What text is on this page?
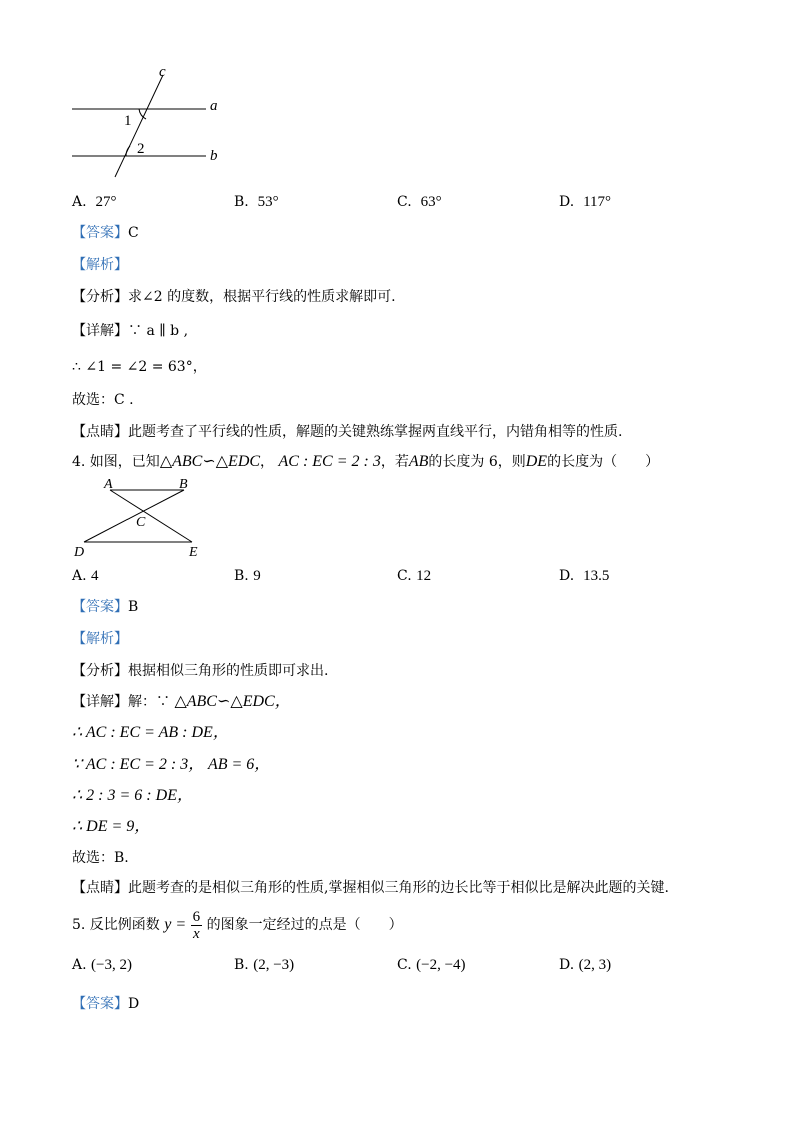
c
a
b
1
2
A. 27°	B. 53°	C. 63°	D. 117°
【答案】C
【解析】
【分析】求∠2 的度数，根据平行线的性质求解即可.
【详解】∵ a ∥ b ,
∴ ∠1 = ∠2 = 63°，
故选：C .
【点睛】此题考查了平行线的性质，解题的关键熟练掌握两直线平行，内错角相等的性质.
4. 如图，已知△ABC∽△EDC， AC : EC = 2 : 3，若AB的长度为 6，则DE的长度为（　　）
A	B
C
D	E
A. 4	B. 9	C. 12	D. 13.5
【答案】B
【解析】
【分析】根据相似三角形的性质即可求出.
【详解】解：∵ △ABC∽△EDC，
∴ AC : EC = AB : DE，
∵ AC : EC = 2 : 3， AB = 6，
∴ 2 : 3 = 6 : DE，
∴ DE = 9，
故选：B.
【点睛】此题考查的是相似三角形的性质,掌握相似三角形的边长比等于相似比是解决此题的关键.
5. 反比例函数 $y = \frac{6}{x}$ 的图象一定经过的点是（　　）
A. (−3, 2)	B. (2, −3)	C. (−2, −4)	D. (2, 3)
【答案】D
